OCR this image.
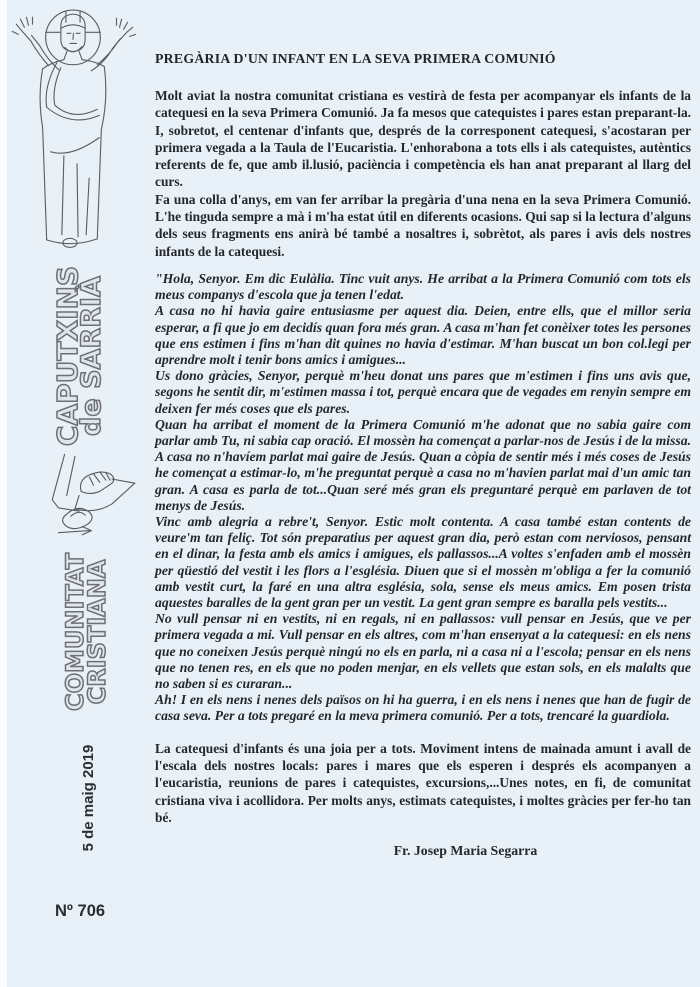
CAPUTXINS
de SARRIÀ
COMUNITAT
CRISTIANA
5 de maig 2019
Nº 706
PREGÀRIA D'UN INFANT EN LA SEVA PRIMERA COMUNIÓ

Molt aviat la nostra comunitat cristiana es vestirà de festa per acompanyar els infants de la catequesi en la seva Primera Comunió. Ja fa mesos que catequistes i pares estan preparant-la. I, sobretot, el centenar d'infants que, després de la corresponent catequesi, s'acostaran per primera vegada a la Taula de l'Eucaristia. L'enhorabona a tots ells i als catequistes, autèntics referents de fe, que amb il.lusió, paciència i competència els han anat preparant al llarg del curs.

Fa una colla d'anys, em van fer arribar la pregària d'una nena en la seva Primera Comunió. L'he tinguda sempre a mà i m'ha estat útil en diferents ocasions. Qui sap si la lectura d'alguns dels seus fragments ens anirà bé també a nosaltres i, sobrètot, als pares i avis dels nostres infants de la catequesi.

"Hola, Senyor. Em dic Eulàlia. Tinc vuit anys. He arribat a la Primera Comunió com tots els meus companys d'escola que ja tenen l'edat.

A casa no hi havia gaire entusiasme per aquest dia. Deien, entre ells, que el millor seria esperar, a fi que jo em decidís quan fora més gran. A casa m'han fet conèixer totes les persones que ens estimen i fins m'han dit quines no havia d'estimar. M'han buscat un bon col.legi per aprendre molt i tenir bons amics i amigues...

Us dono gràcies, Senyor, perquè m'heu donat uns pares que m'estimen i fins uns avis que, segons he sentit dir, m'estimen massa i tot, perquè encara que de vegades em renyin sempre em deixen fer més coses que els pares.

Quan ha arribat el moment de la Primera Comunió m'he adonat que no sabia gaire com parlar amb Tu, ni sabia cap oració. El mossèn ha començat a parlar-nos de Jesús i de la missa. A casa no n'havíem parlat mai gaire de Jesús. Quan a còpia de sentir més i més coses de Jesús he començat a estimar-lo, m'he preguntat perquè a casa no m'havien parlat mai d'un amic tan gran. A casa es parla de tot...Quan seré més gran els preguntaré perquè em parlaven de tot menys de Jesús.

Vinc amb alegria a rebre't, Senyor. Estic molt contenta. A casa també estan contents de veure'm tan feliç. Tot són preparatius per aquest gran dia, però estan com nerviosos, pensant en el dinar, la festa amb els amics i amigues, els pallassos...A voltes s'enfaden amb el mossèn per qüestió del vestit i les flors a l'església. Diuen que si el mossèn m'obliga a fer la comunió amb vestit curt, la faré en una altra església, sola, sense els meus amics. Em posen trista aquestes baralles de la gent gran per un vestit. La gent gran sempre es baralla pels vestits...

No vull pensar ni en vestits, ni en regals, ni en pallassos: vull pensar en Jesús, que ve per primera vegada a mi. Vull pensar en els altres, com m'han ensenyat a la catequesi: en els nens que no coneixen Jesús perquè ningú no els en parla, ni a casa ni a l'escola; pensar en els nens que no tenen res, en els que no poden menjar, en els vellets que estan sols, en els malalts que no saben si es curaran...

Ah! I en els nens i nenes dels països on hi ha guerra, i en els nens i nenes que han de fugir de casa seva. Per a tots pregaré en la meva primera comunió. Per a tots, trencaré la guardiola.

La catequesi d'infants és una joia per a tots. Moviment intens de mainada amunt i avall de l'escala dels nostres locals: pares i mares que els esperen i després els acompanyen a l'eucaristia, reunions de pares i catequistes, excursions,...Unes notes, en fi, de comunitat cristiana viva i acollidora. Per molts anys, estimats catequistes, i moltes gràcies per fer-ho tan bé.

Fr. Josep Maria Segarra
